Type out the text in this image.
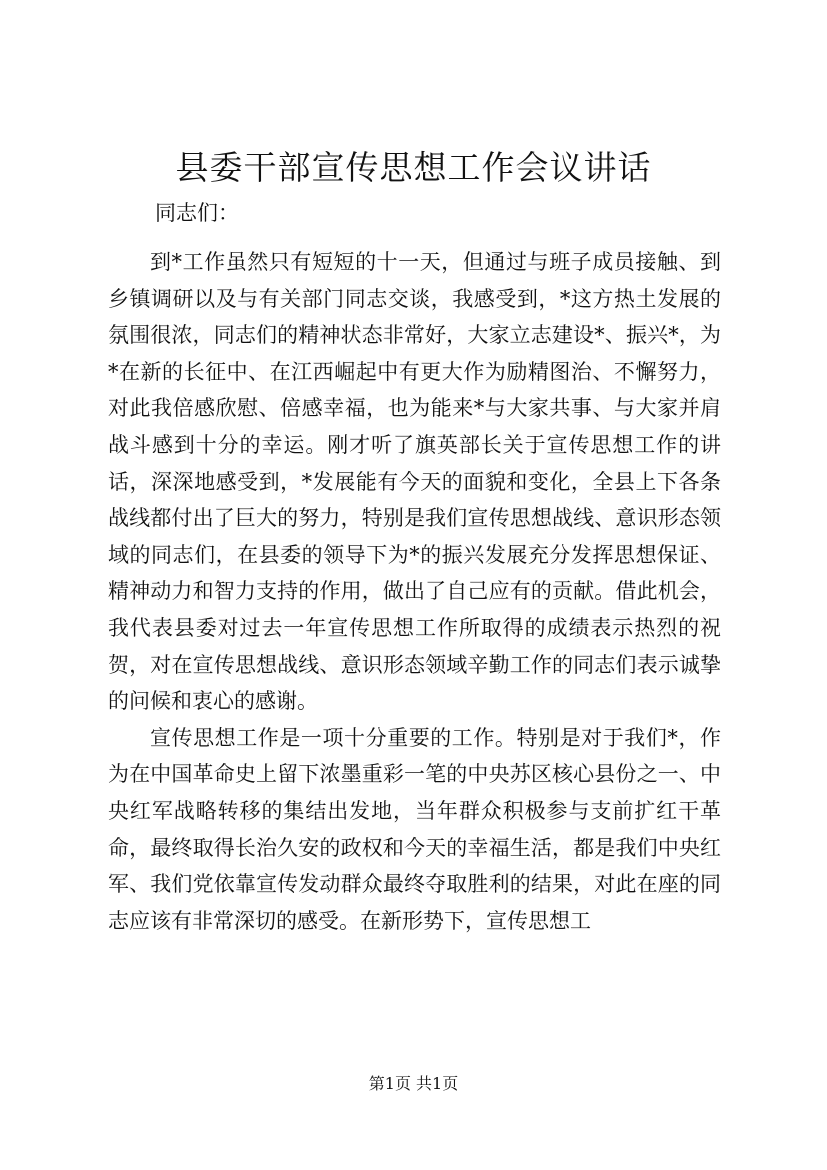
县委干部宣传思想工作会议讲话

同志们：

到*工作虽然只有短短的十一天，但通过与班子成员接触、到乡镇调研以及与有关部门同志交谈，我感受到，*这方热土发展的氛围很浓，同志们的精神状态非常好，大家立志建设*、振兴*，为*在新的长征中、在江西崛起中有更大作为励精图治、不懈努力，对此我倍感欣慰、倍感幸福，也为能来*与大家共事、与大家并肩战斗感到十分的幸运。刚才听了旗英部长关于宣传思想工作的讲话，深深地感受到，*发展能有今天的面貌和变化，全县上下各条战线都付出了巨大的努力，特别是我们宣传思想战线、意识形态领域的同志们，在县委的领导下为*的振兴发展充分发挥思想保证、精神动力和智力支持的作用，做出了自己应有的贡献。借此机会，我代表县委对过去一年宣传思想工作所取得的成绩表示热烈的祝贺，对在宣传思想战线、意识形态领域辛勤工作的同志们表示诚挚的问候和衷心的感谢。

宣传思想工作是一项十分重要的工作。特别是对于我们*，作为在中国革命史上留下浓墨重彩一笔的中央苏区核心县份之一、中央红军战略转移的集结出发地，当年群众积极参与支前扩红干革命，最终取得长治久安的政权和今天的幸福生活，都是我们中央红军、我们党依靠宣传发动群众最终夺取胜利的结果，对此在座的同志应该有非常深切的感受。在新形势下，宣传思想工

第1页 共1页
